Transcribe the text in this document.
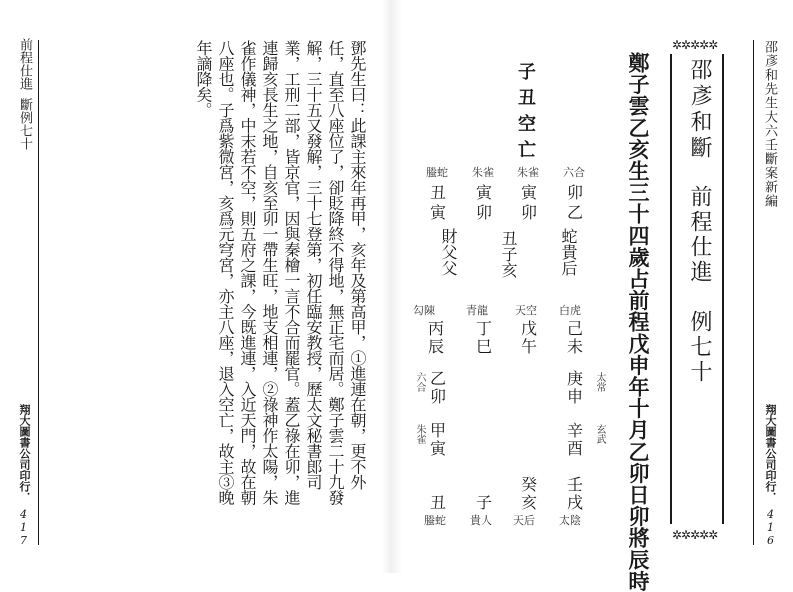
邵彥和先生大六壬斷案新編
翔大圖書公司印行．
416
✲✲✲✲✲
✲✲✲✲✲
邵彥和斷
前程仕進　例七十
鄭子雲乙亥生三十四歲占前程戊申年十月乙卯日卯將辰時
子丑空亡
螣蛇 朱雀 朱雀 六合
丑 寅 寅 卯
寅 卯 卯 乙
財父父	丑子亥	蛇貴后
勾陳	青龍 天空 白虎
丙 丁 戊 己
辰 巳 午 未
六合 乙
卯
朱雀 甲
寅
庚
申
太常
辛
酉
玄武
癸 壬
亥 戌
丑 子
螣蛇 貴人 天后 太陰
前程仕進
斷例七十
翔大圖書公司印行．
417
鄧先生曰：此課主來年再甲，亥年及第高甲，①進連在朝，更不外
任，直至八座位了，卻貶降終不得地，無正宅而居。鄭子雲二十九發
解，三十五又發解，三十七登第，初任臨安教授，歷太文秘書郎司
業，工刑二部，皆京官，因與秦檜一言不合而罷官。蓋乙祿在卯，進
連歸亥長生之地，自亥至卯一帶生旺，地支相連，②祿神作太陽，朱
雀作儀神，中末若不空，則五府之課，今既進連，入近天門，故在朝
八座也。子爲紫微宮，亥爲元穹宮，亦主八座，退入空亡，故主③晚
年謫降矣。
